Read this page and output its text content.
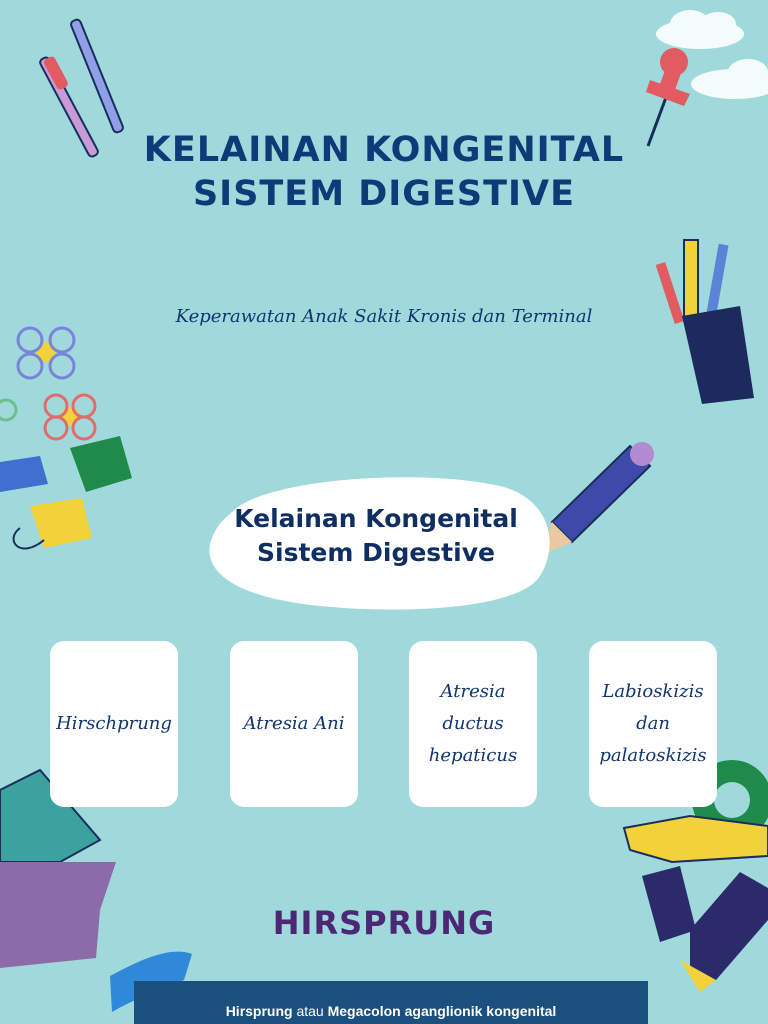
KELAINAN KONGENITAL
SISTEM DIGESTIVE
Keperawatan Anak Sakit Kronis dan Terminal
Kelainan Kongenital
Sistem Digestive
Hirschprung	Atresia Ani
Atresia
ductus
hepaticus
Labioskizis
dan
palatoskizis
HIRSPRUNG
Hirsprung atau Megacolon aganglionik kongenital
